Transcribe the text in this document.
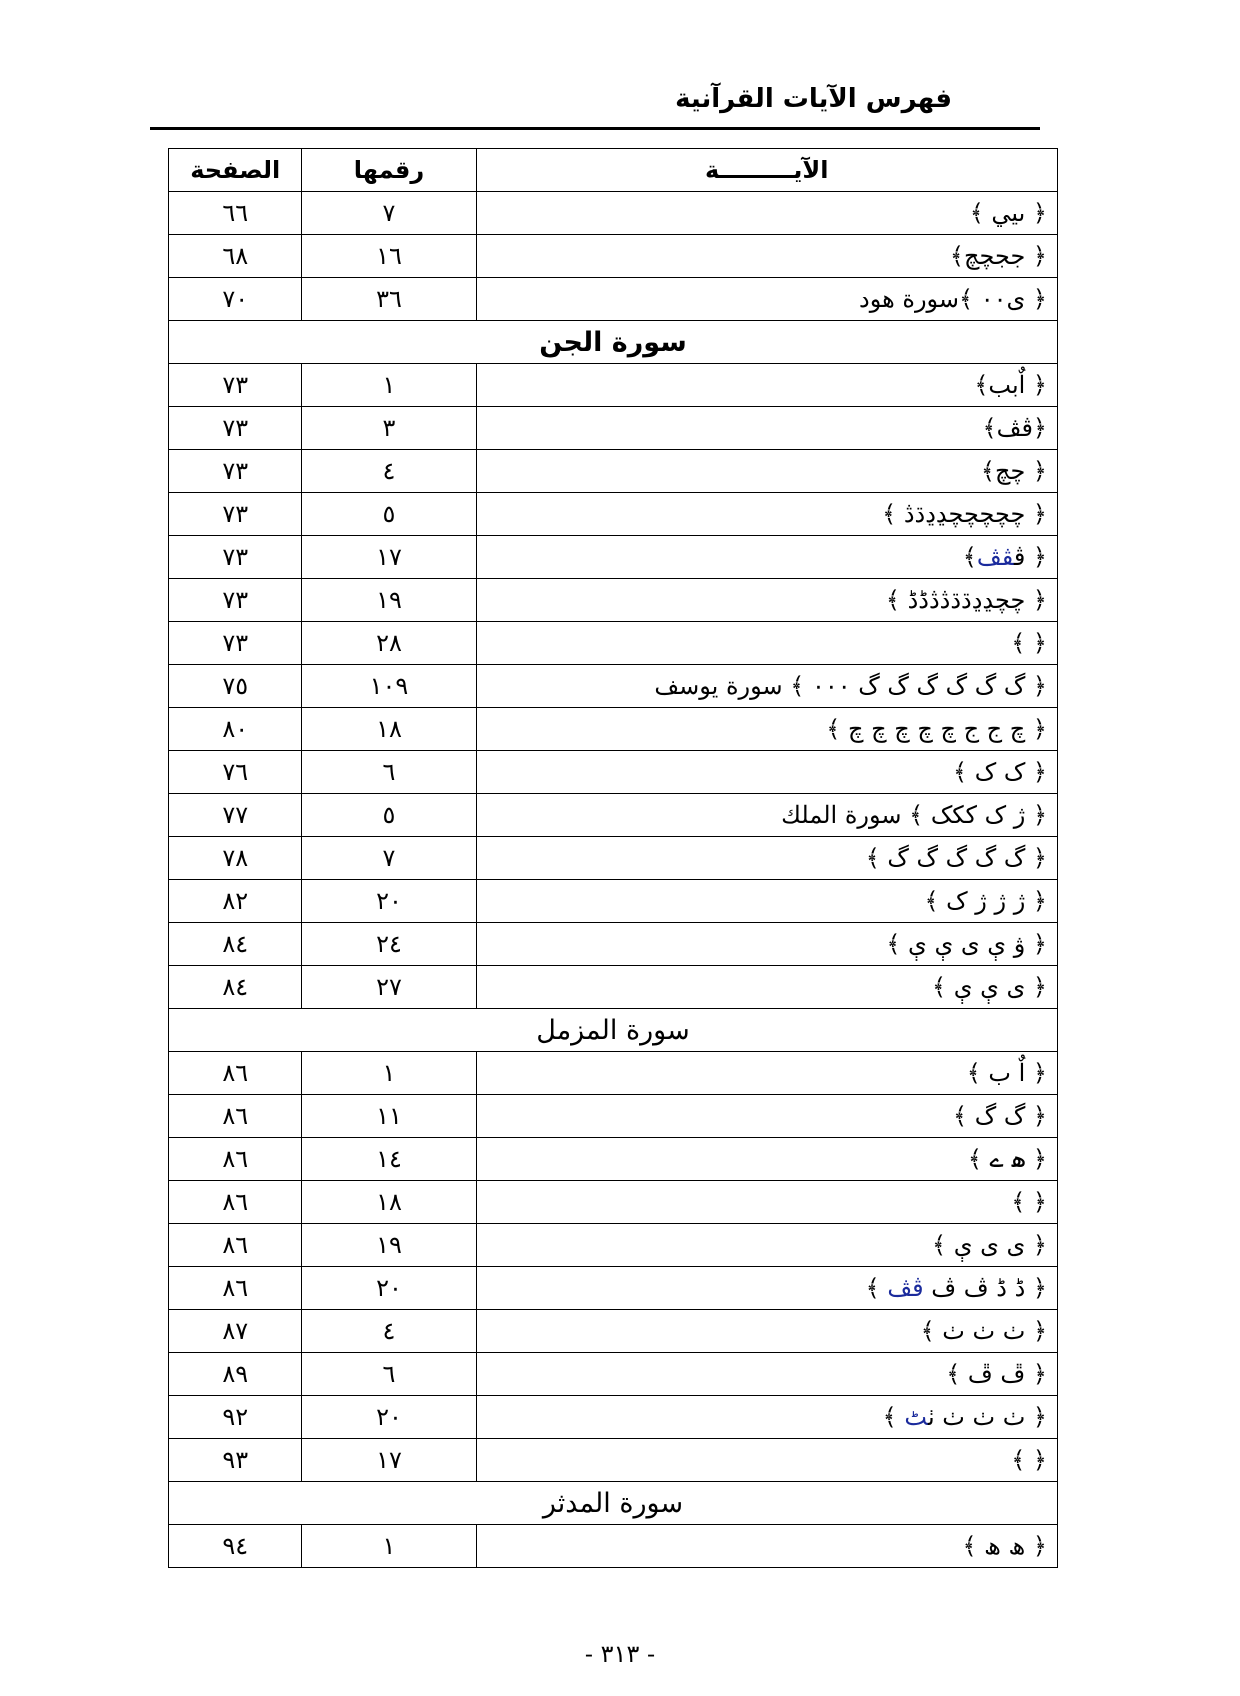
فهرس الآيات القرآنية
الآيـــــــــة	رقمها	الصفحة
﴿ ىيي ﴾	٧	٦٦
﴿ ججچچ﴾	١٦	٦٨
﴿ ى٠٠ ﴾سورة هود	٣٦	٧٠
سورة الجن		
﴿ اٌبب﴾	١	٧٣
﴿ڤڤ﴾	٣	٧٣
﴿ چچ﴾	٤	٧٣
﴿ چچچچچڍڍڌڎ ﴾	٥	٧٣
﴿ ڤڤڤ﴾	١٧	٧٣
﴿ چچڍڍڌڌڎڎڈڈ ﴾	١٩	٧٣
﴿ ﴾	٢٨	٧٣
﴿ گ گ گ گ گ گ ٠٠٠ ﴾ سورة يوسف	١٠٩	٧٥
﴿ چ ج ج چ چ چ چ چ ﴾	١٨	٨٠
﴿ ک ک ﴾	٦	٧٦
﴿ ژ ک ککک ﴾ سورة الملك	٥	٧٧
﴿ گ گ گ گ گ ﴾	٧	٧٨
﴿ ژ ژ ژ ک ﴾	٢٠	٨٢
﴿ ۋ ې ى ې ې ﴾	٢٤	٨٤
﴿ ى ې ې ﴾	٢٧	٨٤
سورة المزمل		
﴿ اٌ ب ﴾	١	٨٦
﴿ گ گ ﴾	١١	٨٦
﴿ ھ ے ﴾	١٤	٨٦
﴿ ﴾	١٨	٨٦
﴿ ى ى ې ﴾	١٩	٨٦
﴿ ڈ ڈ ڤ ڤ ڤڤ ﴾	٢٠	٨٦
﴿ ٺ ٺ ٺ ﴾	٤	٨٧
﴿ ڦ ڦ ﴾	٦	٨٩
﴿ ٺ ٺ ٺ ٺٹ ﴾	٢٠	٩٢
﴿ ﴾	١٧	٩٣
سورة المدثر		
﴿ ھ ھ ﴾	١	٩٤
- ٣١٣ -
